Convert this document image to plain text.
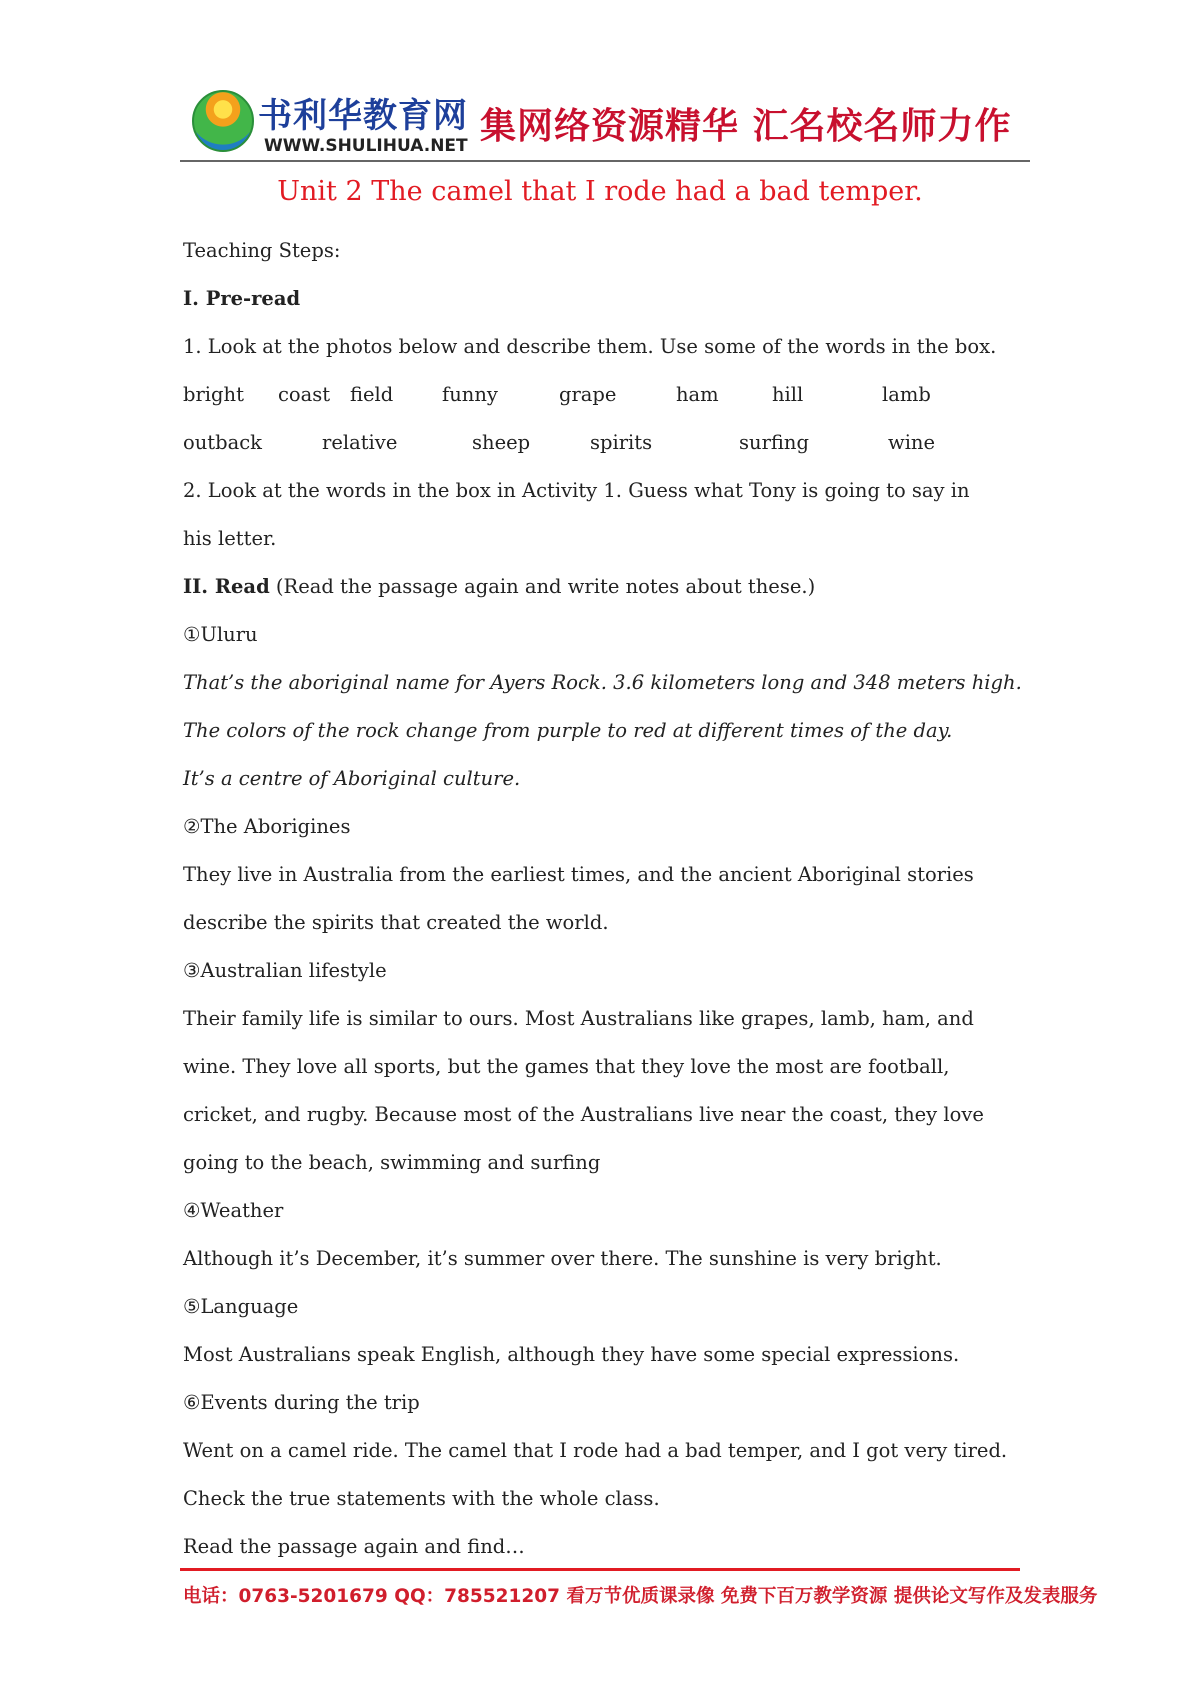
书利华教育网
WWW.SHULIHUA.NET 集网络资源精华 汇名校名师力作
Unit 2 The camel that I rode had a bad temper.
Teaching Steps:
I. Pre-read
1. Look at the photos below and describe them. Use some of the words in the box.
bright coast field funny	grape	ham	hill	lamb
outback	relative	sheep	spirits	surfing	wine
2. Look at the words in the box in Activity 1. Guess what Tony is going to say in
his letter.
II. Read (Read the passage again and write notes about these.)
①Uluru
That’s the aboriginal name for Ayers Rock. 3.6 kilometers long and 348 meters high.
The colors of the rock change from purple to red at different times of the day.
It’s a centre of Aboriginal culture.
②The Aborigines
They live in Australia from the earliest times, and the ancient Aboriginal stories
describe the spirits that created the world.
③Australian lifestyle
Their family life is similar to ours. Most Australians like grapes, lamb, ham, and
wine. They love all sports, but the games that they love the most are football,
cricket, and rugby. Because most of the Australians live near the coast, they love
going to the beach, swimming and surfing
④Weather
Although it’s December, it’s summer over there. The sunshine is very bright.
⑤Language
Most Australians speak English, although they have some special expressions.
⑥Events during the trip
Went on a camel ride. The camel that I rode had a bad temper, and I got very tired.
Check the true statements with the whole class.
Read the passage again and find…
电话：0763-5201679 QQ：785521207 看万节优质课录像 免费下百万教学资源 提供论文写作及发表服务
